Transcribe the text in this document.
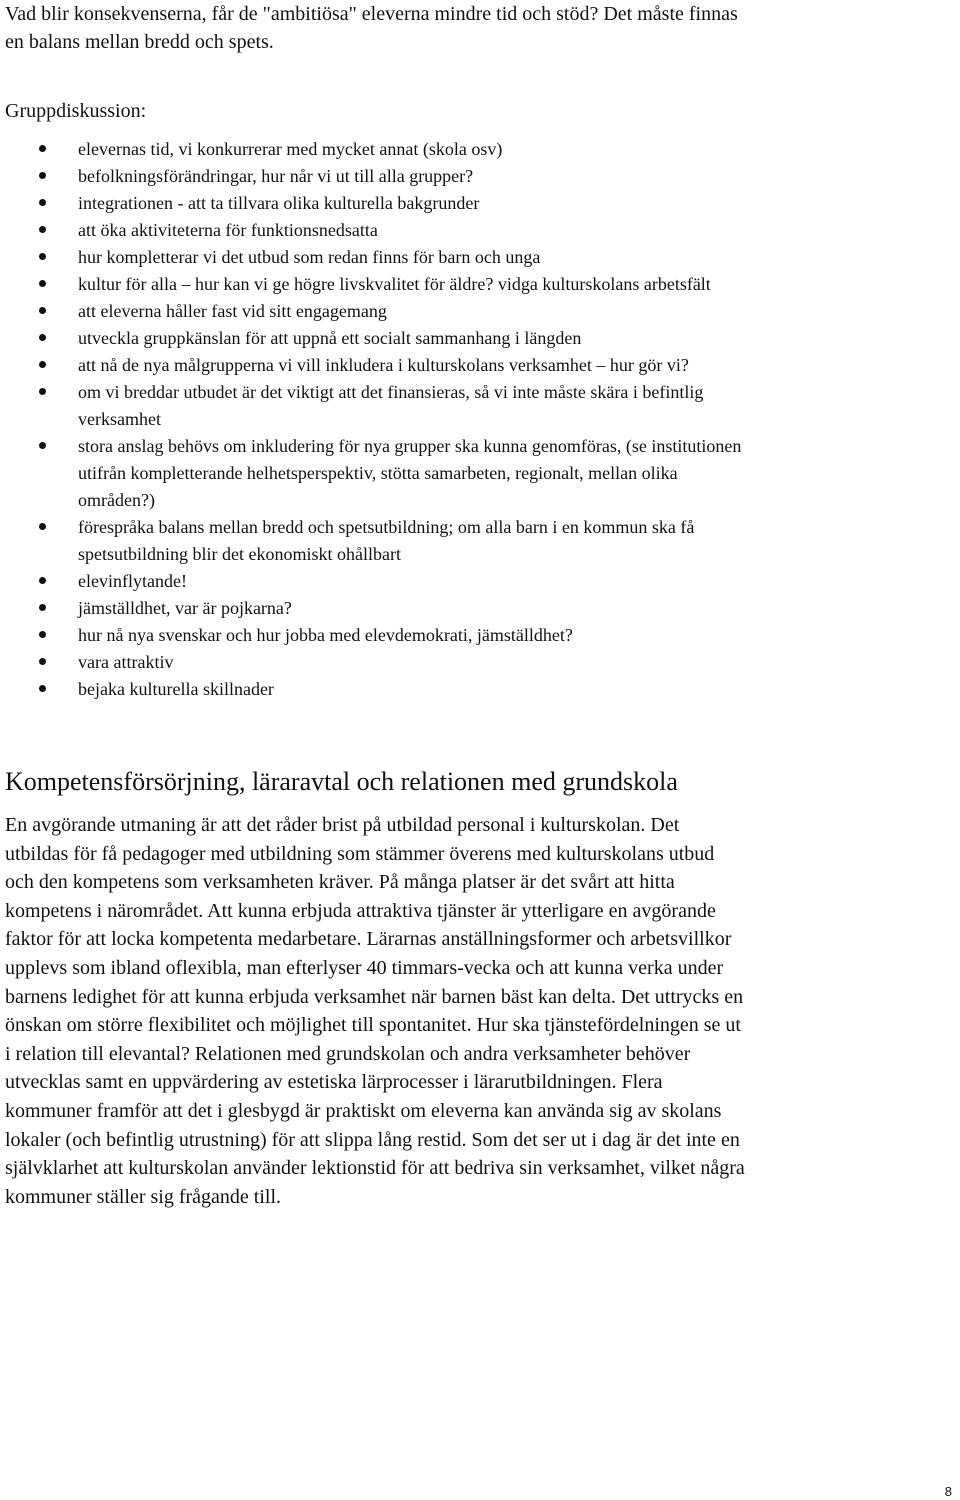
Vad blir konsekvenserna, får de "ambitiösa" eleverna mindre tid och stöd? Det måste finnas en balans mellan bredd och spets.

Gruppdiskussion:

elevernas tid, vi konkurrerar med mycket annat (skola osv)
befolkningsförändringar, hur når vi ut till alla grupper?
integrationen - att ta tillvara olika kulturella bakgrunder
att öka aktiviteterna för funktionsnedsatta
hur kompletterar vi det utbud som redan finns för barn och unga
kultur för alla – hur kan vi ge högre livskvalitet för äldre? vidga kulturskolans arbetsfält
att eleverna håller fast vid sitt engagemang
utveckla gruppkänslan för att uppnå ett socialt sammanhang i längden
att nå de nya målgrupperna vi vill inkludera i kulturskolans verksamhet – hur gör vi?
om vi breddar utbudet är det viktigt att det finansieras, så vi inte måste skära i befintlig verksamhet
stora anslag behövs om inkludering för nya grupper ska kunna genomföras, (se institutionen utifrån kompletterande helhetsperspektiv, stötta samarbeten, regionalt, mellan olika områden?)
förespråka balans mellan bredd och spetsutbildning; om alla barn i en kommun ska få spetsutbildning blir det ekonomiskt ohållbart
elevinflytande!
jämställdhet, var är pojkarna?
hur nå nya svenskar och hur jobba med elevdemokrati, jämställdhet?
vara attraktiv
bejaka kulturella skillnader
Kompetensförsörjning, läraravtal och relationen med grundskola

En avgörande utmaning är att det råder brist på utbildad personal i kulturskolan. Det utbildas för få pedagoger med utbildning som stämmer överens med kulturskolans utbud och den kompetens som verksamheten kräver. På många platser är det svårt att hitta kompetens i närområdet. Att kunna erbjuda attraktiva tjänster är ytterligare en avgörande faktor för att locka kompetenta medarbetare. Lärarnas anställningsformer och arbetsvillkor upplevs som ibland oflexibla, man efterlyser 40 timmars-vecka och att kunna verka under barnens ledighet för att kunna erbjuda verksamhet när barnen bäst kan delta. Det uttrycks en önskan om större flexibilitet och möjlighet till spontanitet. Hur ska tjänstefördelningen se ut i relation till elevantal? Relationen med grundskolan och andra verksamheter behöver utvecklas samt en uppvärdering av estetiska lärprocesser i lärarutbildningen. Flera kommuner framför att det i glesbygd är praktiskt om eleverna kan använda sig av skolans lokaler (och befintlig utrustning) för att slippa lång restid. Som det ser ut i dag är det inte en självklarhet att kulturskolan använder lektionstid för att bedriva sin verksamhet, vilket några kommuner ställer sig frågande till.

8
